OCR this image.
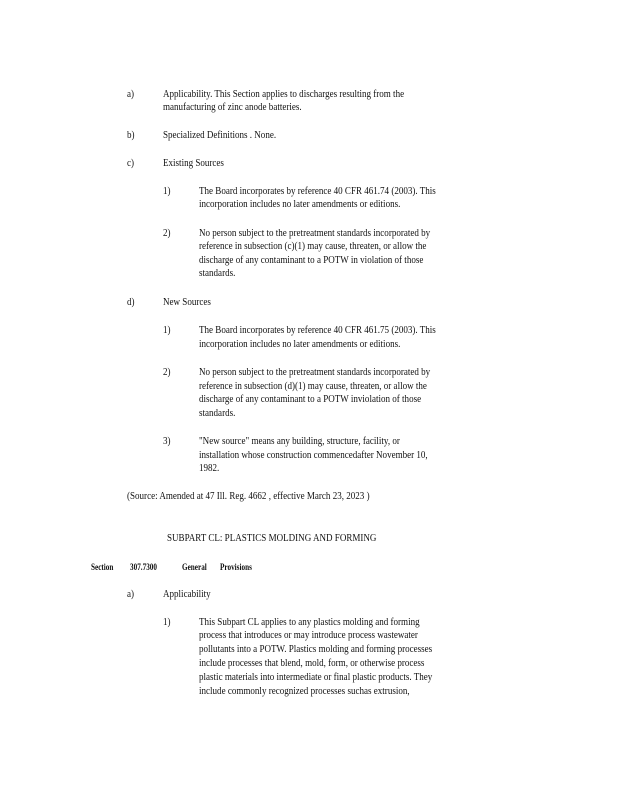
a)	Applicability. This Section applies to discharges resulting from the
manufacturing of zinc anode batteries.
b)	Specialized Definitions . None.
c)	Existing Sources
1)	The Board incorporates by reference 40 CFR 461.74 (2003). This
incorporation includes no later amendments or editions.
2)	No person subject to the pretreatment standards incorporated by
reference in subsection (c)(1) may cause, threaten, or allow the
discharge of any contaminant to a POTW in violation of those
standards.
d)	New Sources
1)	The Board incorporates by reference 40 CFR 461.75 (2003). This
incorporation includes no later amendments or editions.
2)	No person subject to the pretreatment standards incorporated by
reference in subsection (d)(1) may cause, threaten, or allow the
discharge of any contaminant to a POTW inviolation of those
standards.
3)	"New source" means any building, structure, facility, or
installation whose construction commencedafter November 10,
1982.
(Source: Amended at 47 Ill. Reg. 4662 , effective March 23, 2023 )
SUBPART CL: PLASTICS MOLDING AND FORMING
Section 307.7300	General Provisions
a)	Applicability
1)	This Subpart CL applies to any plastics molding and forming
process that introduces or may introduce process wastewater
pollutants into a POTW. Plastics molding and forming processes
include processes that blend, mold, form, or otherwise process
plastic materials into intermediate or final plastic products. They
include commonly recognized processes suchas extrusion,
